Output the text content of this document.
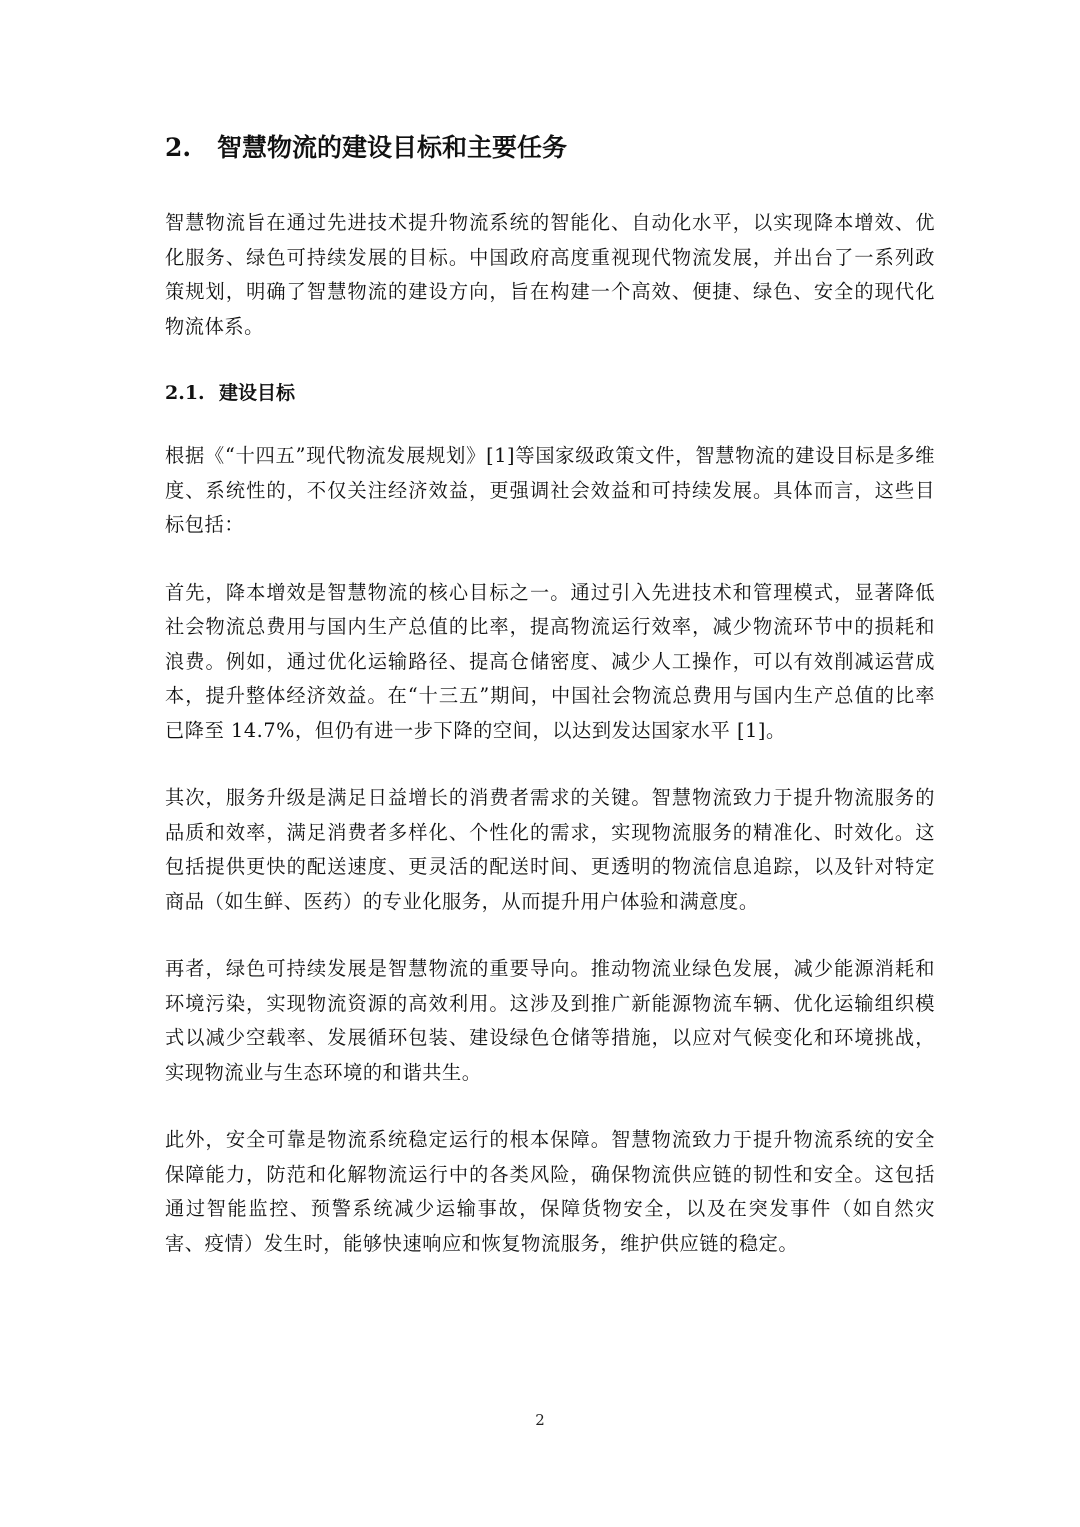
2.	智慧物流的建设目标和主要任务

智慧物流旨在通过先进技术提升物流系统的智能化、自动化水平，以实现降本增效、优化服务、绿色可持续发展的目标。中国政府高度重视现代物流发展，并出台了一系列政策规划，明确了智慧物流的建设方向，旨在构建一个高效、便捷、绿色、安全的现代化物流体系。

2.1. 建设目标

根据《“十四五”现代物流发展规划》[1]等国家级政策文件，智慧物流的建设目标是多维度、系统性的，不仅关注经济效益，更强调社会效益和可持续发展。具体而言，这些目标包括：

首先，降本增效是智慧物流的核心目标之一。通过引入先进技术和管理模式，显著降低社会物流总费用与国内生产总值的比率，提高物流运行效率，减少物流环节中的损耗和浪费。例如，通过优化运输路径、提高仓储密度、减少人工操作，可以有效削减运营成本，提升整体经济效益。在“十三五”期间，中国社会物流总费用与国内生产总值的比率已降至 14.7%，但仍有进一步下降的空间，以达到发达国家水平 [1]。

其次，服务升级是满足日益增长的消费者需求的关键。智慧物流致力于提升物流服务的品质和效率，满足消费者多样化、个性化的需求，实现物流服务的精准化、时效化。这包括提供更快的配送速度、更灵活的配送时间、更透明的物流信息追踪，以及针对特定商品（如生鲜、医药）的专业化服务，从而提升用户体验和满意度。

再者，绿色可持续发展是智慧物流的重要导向。推动物流业绿色发展，减少能源消耗和环境污染，实现物流资源的高效利用。这涉及到推广新能源物流车辆、优化运输组织模式以减少空载率、发展循环包装、建设绿色仓储等措施，以应对气候变化和环境挑战，实现物流业与生态环境的和谐共生。

此外，安全可靠是物流系统稳定运行的根本保障。智慧物流致力于提升物流系统的安全保障能力，防范和化解物流运行中的各类风险，确保物流供应链的韧性和安全。这包括通过智能监控、预警系统减少运输事故，保障货物安全，以及在突发事件（如自然灾害、疫情）发生时，能够快速响应和恢复物流服务，维护供应链的稳定。

2
